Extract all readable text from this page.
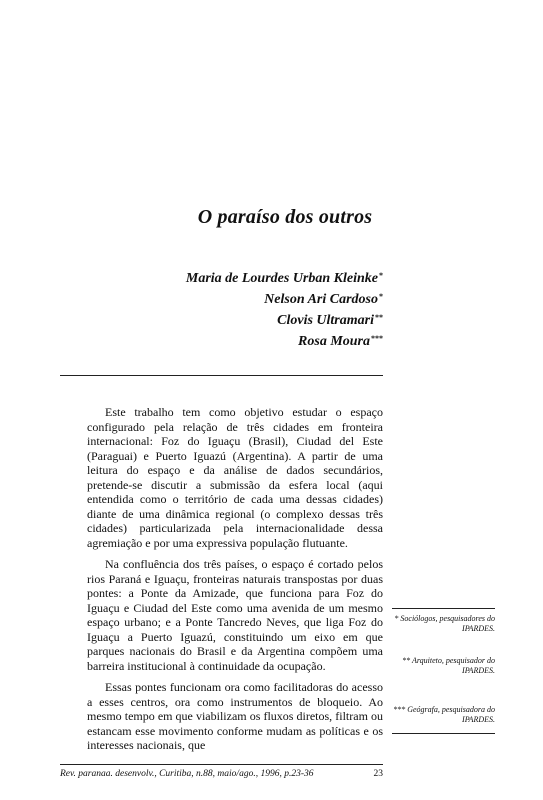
O paraíso dos outros
Maria de Lourdes Urban Kleinke*
Nelson Ari Cardoso*
Clovis Ultramari**
Rosa Moura***

Este trabalho tem como objetivo estudar o espaço configurado pela relação de três cidades em fronteira internacional: Foz do Iguaçu (Brasil), Ciudad del Este (Paraguai) e Puerto Iguazú (Argentina). A partir de uma leitura do espaço e da análise de dados secundários, pretende-se discutir a submissão da esfera local (aqui entendida como o território de cada uma dessas cidades) diante de uma dinâmica regional (o complexo dessas três cidades) particularizada pela internacionalidade dessa agremiação e por uma expressiva população flutuante.

Na confluência dos três países, o espaço é cortado pelos rios Paraná e Iguaçu, fronteiras naturais transpostas por duas pontes: a Ponte da Amizade, que funciona para Foz do Iguaçu e Ciudad del Este como uma avenida de um mesmo espaço urbano; e a Ponte Tancredo Neves, que liga Foz do Iguaçu a Puerto Iguazú, constituindo um eixo em que parques nacionais do Brasil e da Argentina compõem uma barreira institucional à continuidade da ocupação.

Essas pontes funcionam ora como facilitadoras do acesso a esses centros, ora como instrumentos de bloqueio. Ao mesmo tempo em que viabilizam os fluxos diretos, filtram ou estancam esse movimento conforme mudam as políticas e os interesses nacionais, que

* Sociólogos, pesquisadores do IPARDES.
** Arquiteto, pesquisador do IPARDES.
*** Geógrafa, pesquisadora do IPARDES.
Rev. paranaa. desenvolv., Curitiba, n.88, maio/ago., 1996, p.23-36	23
